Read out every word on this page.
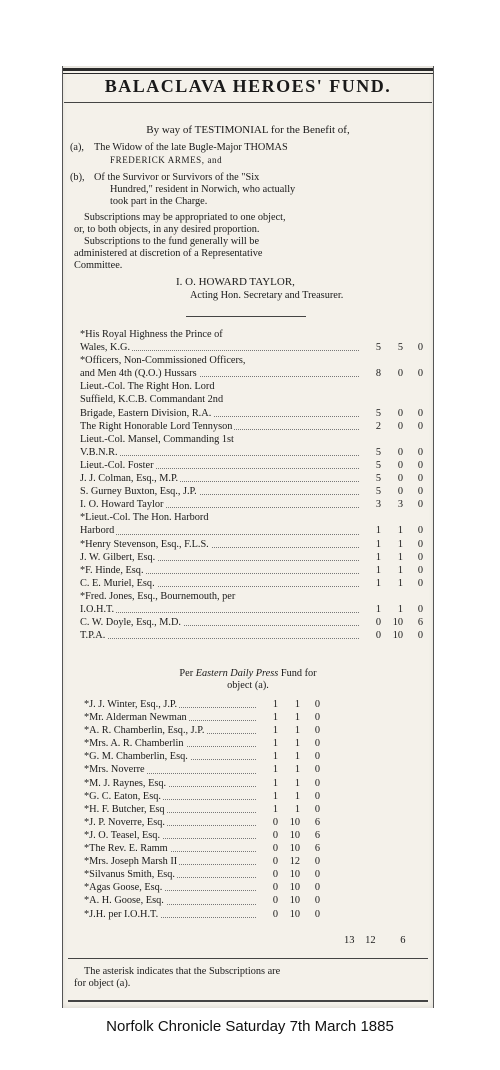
BALACLAVA HEROES' FUND.
By way of TESTIMONIAL for the Benefit of,
(a), The Widow of the late Bugle-Major THOMAS
FREDERICK ARMES, and
(b), Of the Survivor or Survivors of the "Six
Hundred," resident in Norwich, who actually
took part in the Charge.
Subscriptions may be appropriated to one object,
or, to both objects, in any desired proportion.
Subscriptions to the fund generally will be
administered at discretion of a Representative
Committee.
I. O. HOWARD TAYLOR,
Acting Hon. Secretary and Treasurer.
*His Royal Highness the Prince of
Wales, K.G.	5	5	0
*Officers, Non-Commissioned Officers,
and Men 4th (Q.O.) Hussars	8	0	0
Lieut.-Col. The Right Hon. Lord
Suffield, K.C.B. Commandant 2nd
Brigade, Eastern Division, R.A.	5	0	0
The Right Honorable Lord Tennyson	2	0	0
Lieut.-Col. Mansel, Commanding 1st
V.B.N.R.	5	0	0
Lieut.-Col. Foster	5	0	0
J. J. Colman, Esq., M.P.	5	0	0
S. Gurney Buxton, Esq., J.P.	5	0	0
I. O. Howard Taylor	3	3	0
*Lieut.-Col. The Hon. Harbord
Harbord	1	1	0
*Henry Stevenson, Esq., F.L.S.	1	1	0
J. W. Gilbert, Esq.	1	1	0
*F. Hinde, Esq.	1	1	0
C. E. Muriel, Esq.	1	1	0
*Fred. Jones, Esq., Bournemouth, per
I.O.H.T.	1	1	0
C. W. Doyle, Esq., M.D.	0	10	6
T.P.A.	0	10	0
Per Eastern Daily Press Fund for
object (a).
*J. J. Winter, Esq., J.P.	1	1	0
*Mr. Alderman Newman	1	1	0
*A. R. Chamberlin, Esq., J.P.	1	1	0
*Mrs. A. R. Chamberlin	1	1	0
*G. M. Chamberlin, Esq.	1	1	0
*Mrs. Noverre	1	1	0
*M. J. Raynes, Esq.	1	1	0
*G. C. Eaton, Esq.	1	1	0
*H. F. Butcher, Esq	1	1	0
*J. P. Noverre, Esq.	0	10	6
*J. O. Teasel, Esq.	0	10	6
*The Rev. E. Ramm	0	10	6
*Mrs. Joseph Marsh II	0	12	0
*Silvanus Smith, Esq.	0	10	0
*Agas Goose, Esq.	0	10	0
*A. H. Goose, Esq.	0	10	0
*J.H. per I.O.H.T.	0	10	0
13 12 6
The asterisk indicates that the Subscriptions are
for object (a).
Norfolk Chronicle Saturday 7th March 1885
